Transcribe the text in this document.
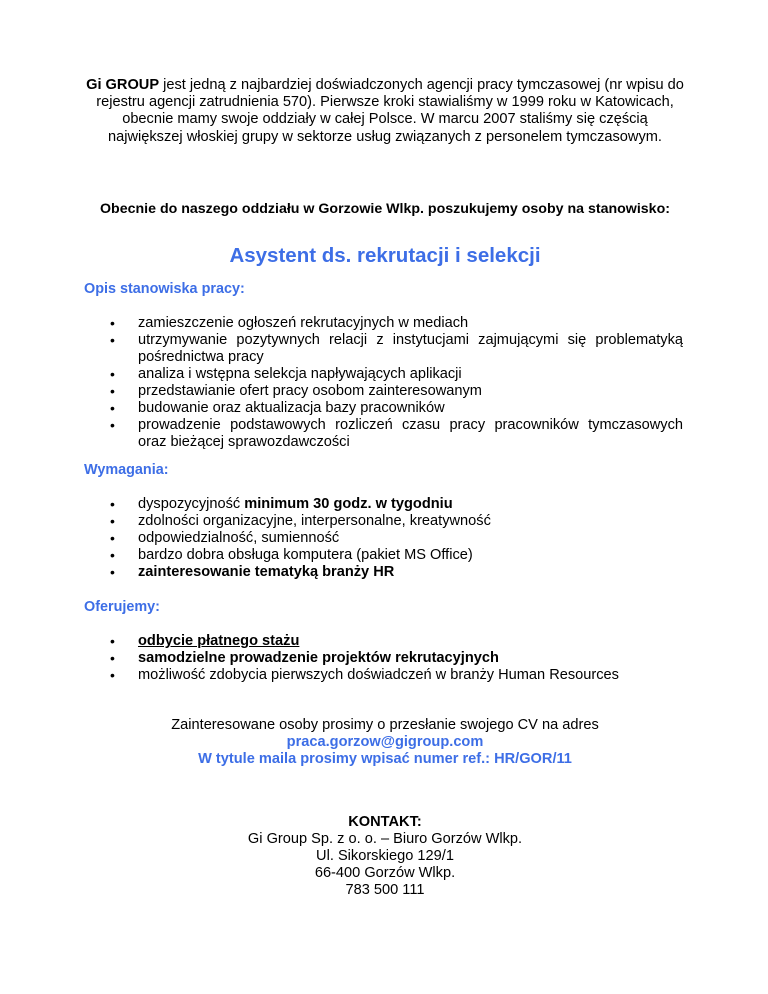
Gi GROUP jest jedną z najbardziej doświadczonych agencji pracy tymczasowej (nr wpisu do rejestru agencji zatrudnienia 570). Pierwsze kroki stawialiśmy w 1999 roku w Katowicach, obecnie mamy swoje oddziały w całej Polsce. W marcu 2007 staliśmy się częścią największej włoskiej grupy w sektorze usług związanych z personelem tymczasowym.

Obecnie do naszego oddziału w Gorzowie Wlkp. poszukujemy osoby na stanowisko:

Asystent ds. rekrutacji i selekcji
Opis stanowiska pracy:
• zamieszczenie ogłoszeń rekrutacyjnych w mediach
• utrzymywanie pozytywnych relacji z instytucjami zajmującymi się problematyką pośrednictwa pracy
• analiza i wstępna selekcja napływających aplikacji
• przedstawianie ofert pracy osobom zainteresowanym
• budowanie oraz aktualizacja bazy pracowników
• prowadzenie podstawowych rozliczeń czasu pracy pracowników tymczasowych oraz bieżącej sprawozdawczości
Wymagania:
• dyspozycyjność minimum 30 godz. w tygodniu
• zdolności organizacyjne, interpersonalne, kreatywność
• odpowiedzialność, sumienność
• bardzo dobra obsługa komputera (pakiet MS Office)
• zainteresowanie tematyką branży HR
Oferujemy:
• odbycie płatnego stażu
• samodzielne prowadzenie projektów rekrutacyjnych
• możliwość zdobycia pierwszych doświadczeń w branży Human Resources
Zainteresowane osoby prosimy o przesłanie swojego CV na adres
praca.gorzow@gigroup.com
W tytule maila prosimy wpisać numer ref.: HR/GOR/11
KONTAKT:
Gi Group Sp. z o. o. – Biuro Gorzów Wlkp.
Ul. Sikorskiego 129/1
66-400 Gorzów Wlkp.
783 500 111
